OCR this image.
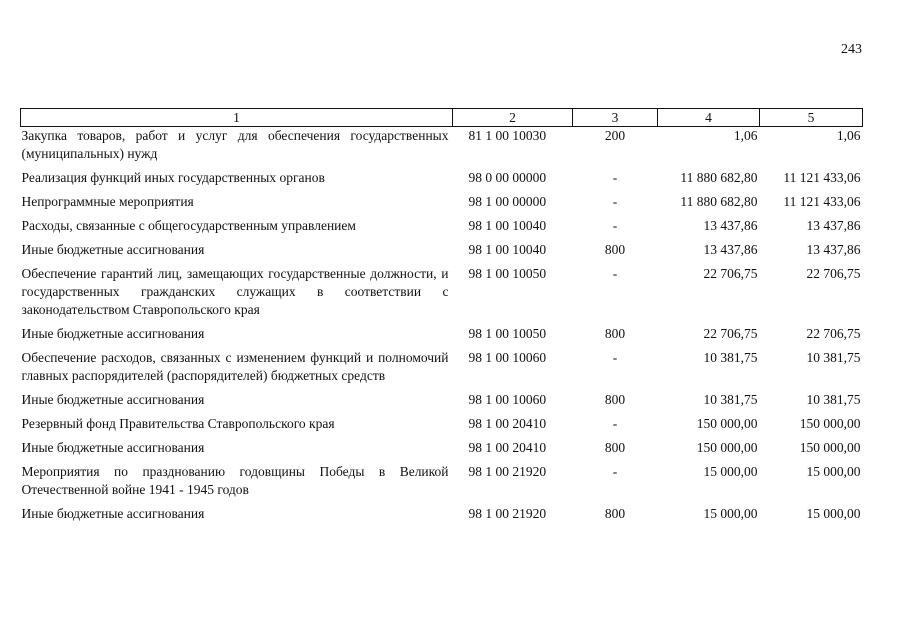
243
1	2	3	4	5
Закупка товаров, работ и услуг для обеспечения государственных (муниципальных) нужд	81 1 00 10030	200	1,06	1,06
Реализация функций иных государственных органов	98 0 00 00000	-	11 880 682,80	11 121 433,06
Непрограммные мероприятия	98 1 00 00000	-	11 880 682,80	11 121 433,06
Расходы, связанные с общегосударственным управлением	98 1 00 10040	-	13 437,86	13 437,86
Иные бюджетные ассигнования	98 1 00 10040	800	13 437,86	13 437,86
Обеспечение гарантий лиц, замещающих государственные должности, и государственных гражданских служащих в соответствии с законодательством Ставропольского края	98 1 00 10050	-	22 706,75	22 706,75
Иные бюджетные ассигнования	98 1 00 10050	800	22 706,75	22 706,75
Обеспечение расходов, связанных с изменением функций и полномочий главных распорядителей (распорядителей) бюджетных средств	98 1 00 10060	-	10 381,75	10 381,75
Иные бюджетные ассигнования	98 1 00 10060	800	10 381,75	10 381,75
Резервный фонд Правительства Ставропольского края	98 1 00 20410	-	150 000,00	150 000,00
Иные бюджетные ассигнования	98 1 00 20410	800	150 000,00	150 000,00
Мероприятия по празднованию годовщины Победы в Великой Отечественной войне 1941 - 1945 годов	98 1 00 21920	-	15 000,00	15 000,00
Иные бюджетные ассигнования	98 1 00 21920	800	15 000,00	15 000,00
